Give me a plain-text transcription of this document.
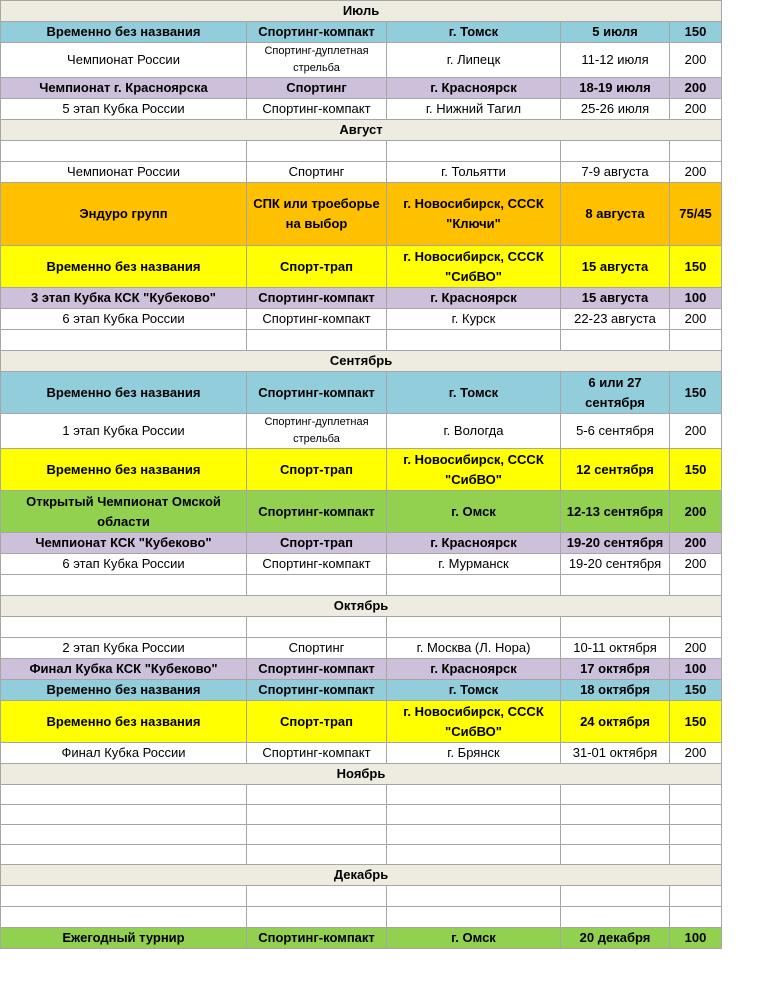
Июль				
Временно без названия	Спортинг-компакт	г. Томск	5 июля	150
Чемпионат России	Спортинг-дуплетная стрельба	г. Липецк	11-12 июля	200
Чемпионат г. Красноярска	Спортинг	г. Красноярск	18-19 июля	200
5 этап Кубка России	Спортинг-компакт	г. Нижний Тагил	25-26 июля	200
Август				

Чемпионат России	Спортинг	г. Тольятти	7-9 августа	200
Эндуро групп	СПК или троеборье на выбор	г. Новосибирск, СССК "Ключи"	8 августа	75/45
Временно без названия	Спорт-трап	г. Новосибирск, СССК "СибВО"	15 августа	150
3 этап Кубка КСК "Кубеково"	Спортинг-компакт	г. Красноярск	15 августа	100
6 этап Кубка России	Спортинг-компакт	г. Курск	22-23 августа	200

Сентябрь				
Временно без названия	Спортинг-компакт	г. Томск	6 или 27 сентября	150
1 этап Кубка России	Спортинг-дуплетная стрельба	г. Вологда	5-6 сентября	200
Временно без названия	Спорт-трап	г. Новосибирск, СССК "СибВО"	12 сентября	150
Открытый Чемпионат Омской области	Спортинг-компакт	г. Омск	12-13 сентября	200
Чемпионат КСК "Кубеково"	Спорт-трап	г. Красноярск	19-20 сентября	200
6 этап Кубка России	Спортинг-компакт	г. Мурманск	19-20 сентября	200

Октябрь				

2 этап Кубка России	Спортинг	г. Москва (Л. Нора)	10-11 октября	200
Финал Кубка КСК "Кубеково"	Спортинг-компакт	г. Красноярск	17 октября	100
Временно без названия	Спортинг-компакт	г. Томск	18 октября	150
Временно без названия	Спорт-трап	г. Новосибирск, СССК "СибВО"	24 октября	150
Финал Кубка России	Спортинг-компакт	г. Брянск	31-01 октября	200
Ноябрь				

Декабрь				

Ежегодный турнир	Спортинг-компакт	г. Омск	20 декабря	100
